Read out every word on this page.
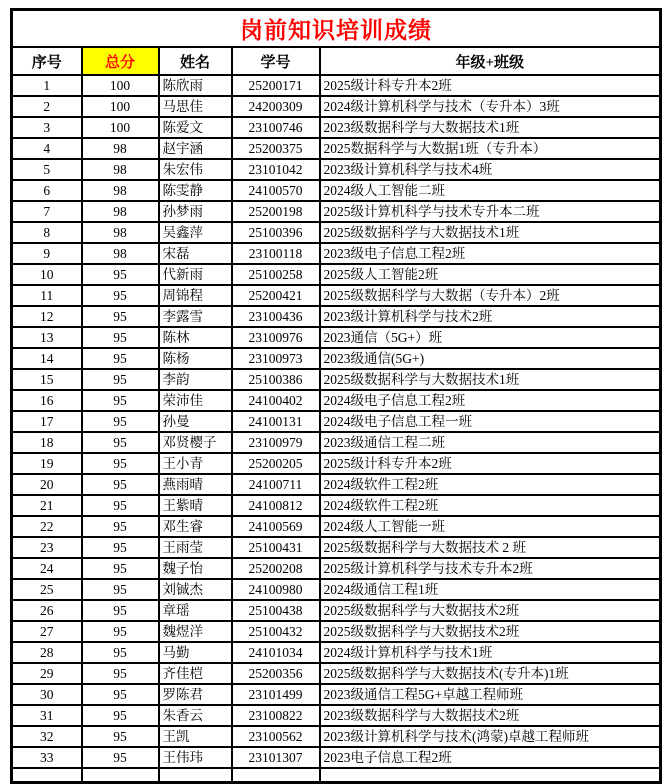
岗前知识培训成绩				
序号	总分	姓名	学号	年级+班级
1	100	陈欣雨	25200171	2025级计科专升本2班
2	100	马思佳	24200309	2024级计算机科学与技术（专升本）3班
3	100	陈爱文	23100746	2023级数据科学与大数据技术1班
4	98	赵宇涵	25200375	2025数据科学与大数据1班（专升本）
5	98	朱宏伟	23101042	2023级计算机科学与技术4班
6	98	陈雯静	24100570	2024级人工智能二班
7	98	孙梦雨	25200198	2025级计算机科学与技术专升本二班
8	98	吴鑫萍	25100396	2025级数据科学与大数据技术1班
9	98	宋磊	23100118	2023级电子信息工程2班
10	95	代新雨	25100258	2025级人工智能2班
11	95	周锦程	25200421	2025级数据科学与大数据（专升本）2班
12	95	李露雪	23100436	2023级计算机科学与技术2班
13	95	陈林	23100976	2023通信（5G+）班
14	95	陈杨	23100973	2023级通信(5G+)
15	95	李韵	25100386	2025级数据科学与大数据技术1班
16	95	荣沛佳	24100402	2024级电子信息工程2班
17	95	孙曼	24100131	2024级电子信息工程一班
18	95	邓贤樱子	23100979	2023级通信工程二班
19	95	王小青	25200205	2025级计科专升本2班
20	95	燕雨晴	24100711	2024级软件工程2班
21	95	王紫晴	24100812	2024级软件工程2班
22	95	邓生睿	24100569	2024级人工智能一班
23	95	王雨莹	25100431	2025级数据科学与大数据技术 2 班
24	95	魏子怡	25200208	2025级计算机科学与技术专升本2班
25	95	刘铖杰	24100980	2024级通信工程1班
26	95	章瑶	25100438	2025级数据科学与大数据技术2班
27	95	魏煜洋	25100432	2025级数据科学与大数据技术2班
28	95	马勤	24101034	2024级计算机科学与技术1班
29	95	齐佳桤	25200356	2025级数据科学与大数据技术(专升本)1班
30	95	罗陈君	23101499	2023级通信工程5G+卓越工程师班
31	95	朱香云	23100822	2023级数据科学与大数据技术2班
32	95	王凯	23100562	2023级计算机科学与技术(鸿蒙)卓越工程师班
33	95	王伟玮	23101307	2023电子信息工程2班
